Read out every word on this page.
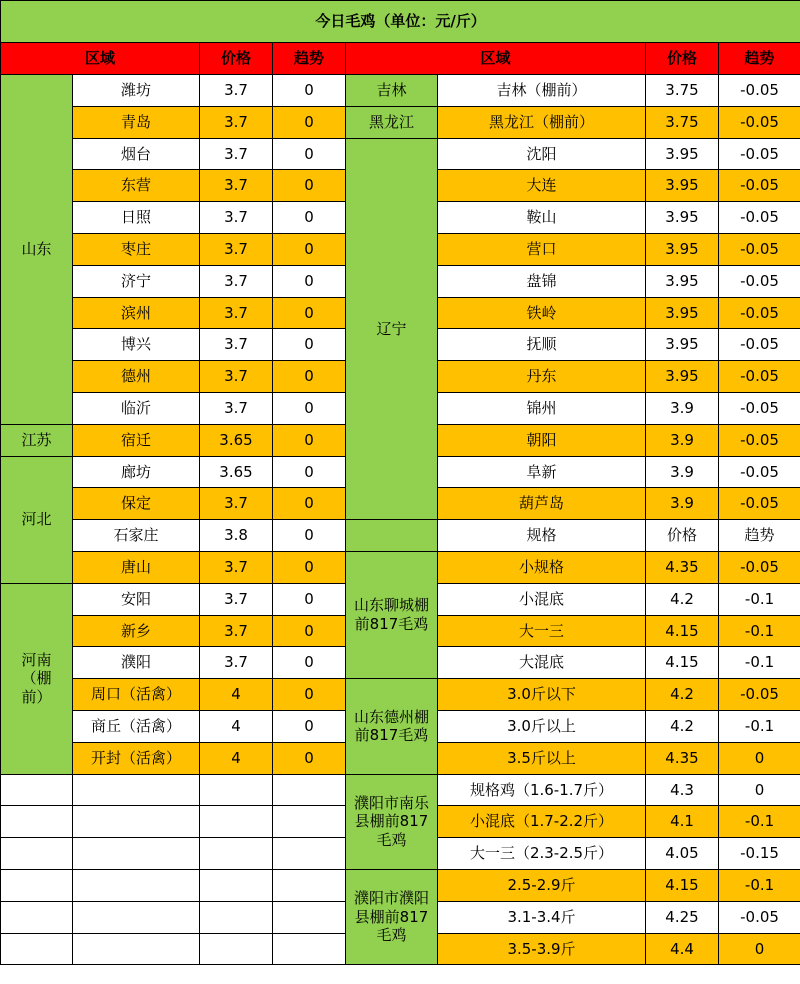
今日毛鸡（单位：元/斤）							
区域		价格	趋势	区域		价格	趋势
山东	潍坊	3.7	0	吉林	吉林（棚前）	3.75	-0.05
	青岛	3.7	0	黑龙江	黑龙江（棚前）	3.75	-0.05
	烟台	3.7	0	辽宁	沈阳	3.95	-0.05
	东营	3.7	0		大连	3.95	-0.05
	日照	3.7	0		鞍山	3.95	-0.05
	枣庄	3.7	0		营口	3.95	-0.05
	济宁	3.7	0		盘锦	3.95	-0.05
	滨州	3.7	0		铁岭	3.95	-0.05
	博兴	3.7	0		抚顺	3.95	-0.05
	德州	3.7	0		丹东	3.95	-0.05
	临沂	3.7	0		锦州	3.9	-0.05
江苏	宿迁	3.65	0		朝阳	3.9	-0.05
河北	廊坊	3.65	0		阜新	3.9	-0.05
	保定	3.7	0		葫芦岛	3.9	-0.05
	石家庄	3.8	0		规格	价格	趋势
	唐山	3.7	0	山东聊城棚前817毛鸡	小规格	4.35	-0.05
河南（棚前）	安阳	3.7	0		小混底	4.2	-0.1
	新乡	3.7	0		大一三	4.15	-0.1
	濮阳	3.7	0		大混底	4.15	-0.1
	周口（活禽）	4	0	山东德州棚前817毛鸡	3.0斤以下	4.2	-0.05
	商丘（活禽）	4	0		3.0斤以上	4.2	-0.1
	开封（活禽）	4	0		3.5斤以上	4.35	0
				濮阳市南乐县棚前817毛鸡	规格鸡（1.6-1.7斤）	4.3	0
					小混底（1.7-2.2斤）	4.1	-0.1
					大一三（2.3-2.5斤）	4.05	-0.15
				濮阳市濮阳县棚前817毛鸡	2.5-2.9斤	4.15	-0.1
					3.1-3.4斤	4.25	-0.05
					3.5-3.9斤	4.4	0
